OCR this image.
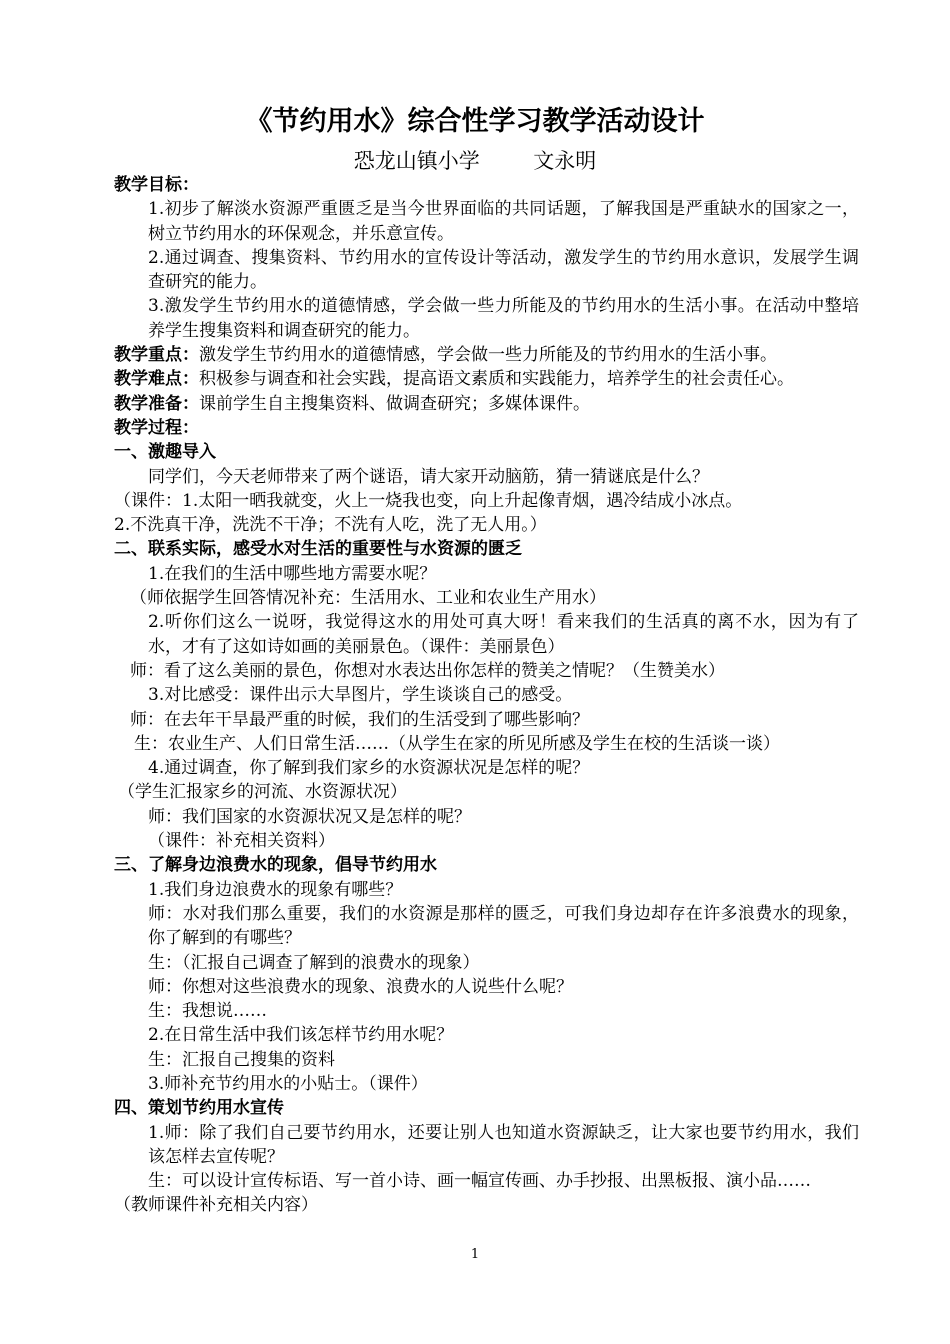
《节约用水》综合性学习教学活动设计
恐龙山镇小学        文永明

教学目标：

1.初步了解淡水资源严重匮乏是当今世界面临的共同话题，了解我国是严重缺水的国家之一，树立节约用水的环保观念，并乐意宣传。

2.通过调查、搜集资料、节约用水的宣传设计等活动，激发学生的节约用水意识，发展学生调查研究的能力。

3.激发学生节约用水的道德情感，学会做一些力所能及的节约用水的生活小事。在活动中整培养学生搜集资料和调查研究的能力。

教学重点：激发学生节约用水的道德情感，学会做一些力所能及的节约用水的生活小事。

教学难点：积极参与调查和社会实践，提高语文素质和实践能力，培养学生的社会责任心。

教学准备：课前学生自主搜集资料、做调查研究；多媒体课件。

教学过程：

一、激趣导入

同学们，今天老师带来了两个谜语，请大家开动脑筋，猜一猜谜底是什么？

（课件：1.太阳一晒我就变，火上一烧我也变，向上升起像青烟，遇冷结成小冰点。

2.不洗真干净，洗洗不干净；不洗有人吃，洗了无人用。）

二、联系实际，感受水对生活的重要性与水资源的匮乏

1.在我们的生活中哪些地方需要水呢？

（师依据学生回答情况补充：生活用水、工业和农业生产用水）

2.听你们这么一说呀，我觉得这水的用处可真大呀！看来我们的生活真的离不水，因为有了水，才有了这如诗如画的美丽景色。（课件：美丽景色）

师：看了这么美丽的景色，你想对水表达出你怎样的赞美之情呢？（生赞美水）

3.对比感受：课件出示大旱图片，学生谈谈自己的感受。

师：在去年干旱最严重的时候，我们的生活受到了哪些影响？

生：农业生产、人们日常生活……（从学生在家的所见所感及学生在校的生活谈一谈）

4.通过调查，你了解到我们家乡的水资源状况是怎样的呢？

（学生汇报家乡的河流、水资源状况）

师：我们国家的水资源状况又是怎样的呢？

（课件：补充相关资料）

三、了解身边浪费水的现象，倡导节约用水

1.我们身边浪费水的现象有哪些？

师：水对我们那么重要，我们的水资源是那样的匮乏，可我们身边却存在许多浪费水的现象，你了解到的有哪些？

生：（汇报自己调查了解到的浪费水的现象）

师：你想对这些浪费水的现象、浪费水的人说些什么呢？

生：我想说……

2.在日常生活中我们该怎样节约用水呢？

生：汇报自己搜集的资料

3.师补充节约用水的小贴士。（课件）

四、策划节约用水宣传

1.师：除了我们自己要节约用水，还要让别人也知道水资源缺乏，让大家也要节约用水，我们该怎样去宣传呢？

生：可以设计宣传标语、写一首小诗、画一幅宣传画、办手抄报、出黑板报、演小品……

（教师课件补充相关内容）

1
